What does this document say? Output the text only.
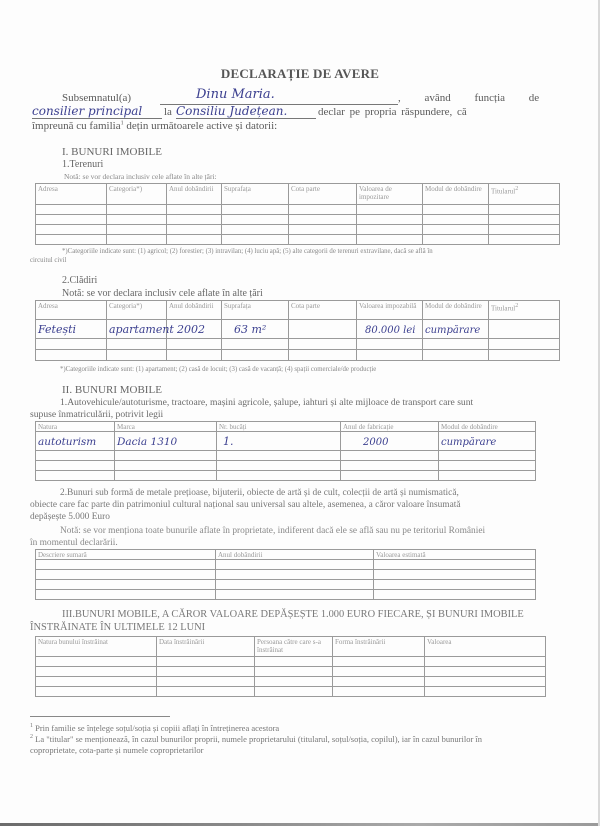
DECLARAȚIE DE AVERE
Subsemnatul(a)	Dinu Maria.	, având funcția de
consilier principal	la Consiliu Județean.	declar pe propria răspundere, că
împreună cu familia$^1$ dețin următoarele active și datorii:
I. BUNURI IMOBILE
1.Terenuri
Notă: se vor declara inclusiv cele aflate în alte țări:
Adresa	Categoria*)	Anul dobândirii	Suprafața	Cota parte	Valoarea de impozitare	Modul de dobândire	Titularul2

*)Categoriile indicate sunt: (1) agricol; (2) forestier; (3) intravilan; (4) luciu apă; (5) alte categorii de terenuri extravilane, dacă se află în
circuitul civil
2.Clădiri
Notă: se vor declara inclusiv cele aflate în alte țări
Adresa	Categoria*)	Anul dobândirii	Suprafața	Cota parte	Valoarea impozabilă	Modul de dobândire	Titularul2
Fetești	apartament	2002	63 m²		80.000 lei	cumpărare	

*)Categoriile indicate sunt: (1) apartament; (2) casă de locuit; (3) casă de vacanță; (4) spații comerciale/de producție
II. BUNURI MOBILE
1.Autovehicule/autoturisme, tractoare, mașini agricole, șalupe, iahturi și alte mijloace de transport care sunt
supuse înmatriculării, potrivit legii
Natura	Marca	Nr. bucăți	Anul de fabricație	Modul de dobândire
autoturism	Dacia 1310	1.	2000	cumpărare

2.Bunuri sub formă de metale prețioase, bijuterii, obiecte de artă și de cult, colecții de artă și numismatică,
obiecte care fac parte din patrimoniul cultural național sau universal sau altele, asemenea, a căror valoare însumată
depășește 5.000 Euro
Notă: se vor menționa toate bunurile aflate în proprietate, indiferent dacă ele se află sau nu pe teritoriul României
în momentul declarării.
Descriere sumară	Anul dobândirii	Valoarea estimată

III.BUNURI MOBILE, A CĂROR VALOARE DEPĂȘEȘTE 1.000 EURO FIECARE, ȘI BUNURI IMOBILE
ÎNSTRĂINATE ÎN ULTIMELE 12 LUNI
Natura bunului înstrăinat	Data înstrăinării	Persoana către care s-a înstrăinat	Forma înstrăinării	Valoarea

$^1$ Prin familie se înțelege soțul/soția și copiii aflați în întreținerea acestora
$^2$ La "titular" se menționează, în cazul bunurilor proprii, numele proprietarului (titularul, soțul/soția, copilul), iar în cazul bunurilor în
coproprietate, cota-parte și numele coproprietarilor
